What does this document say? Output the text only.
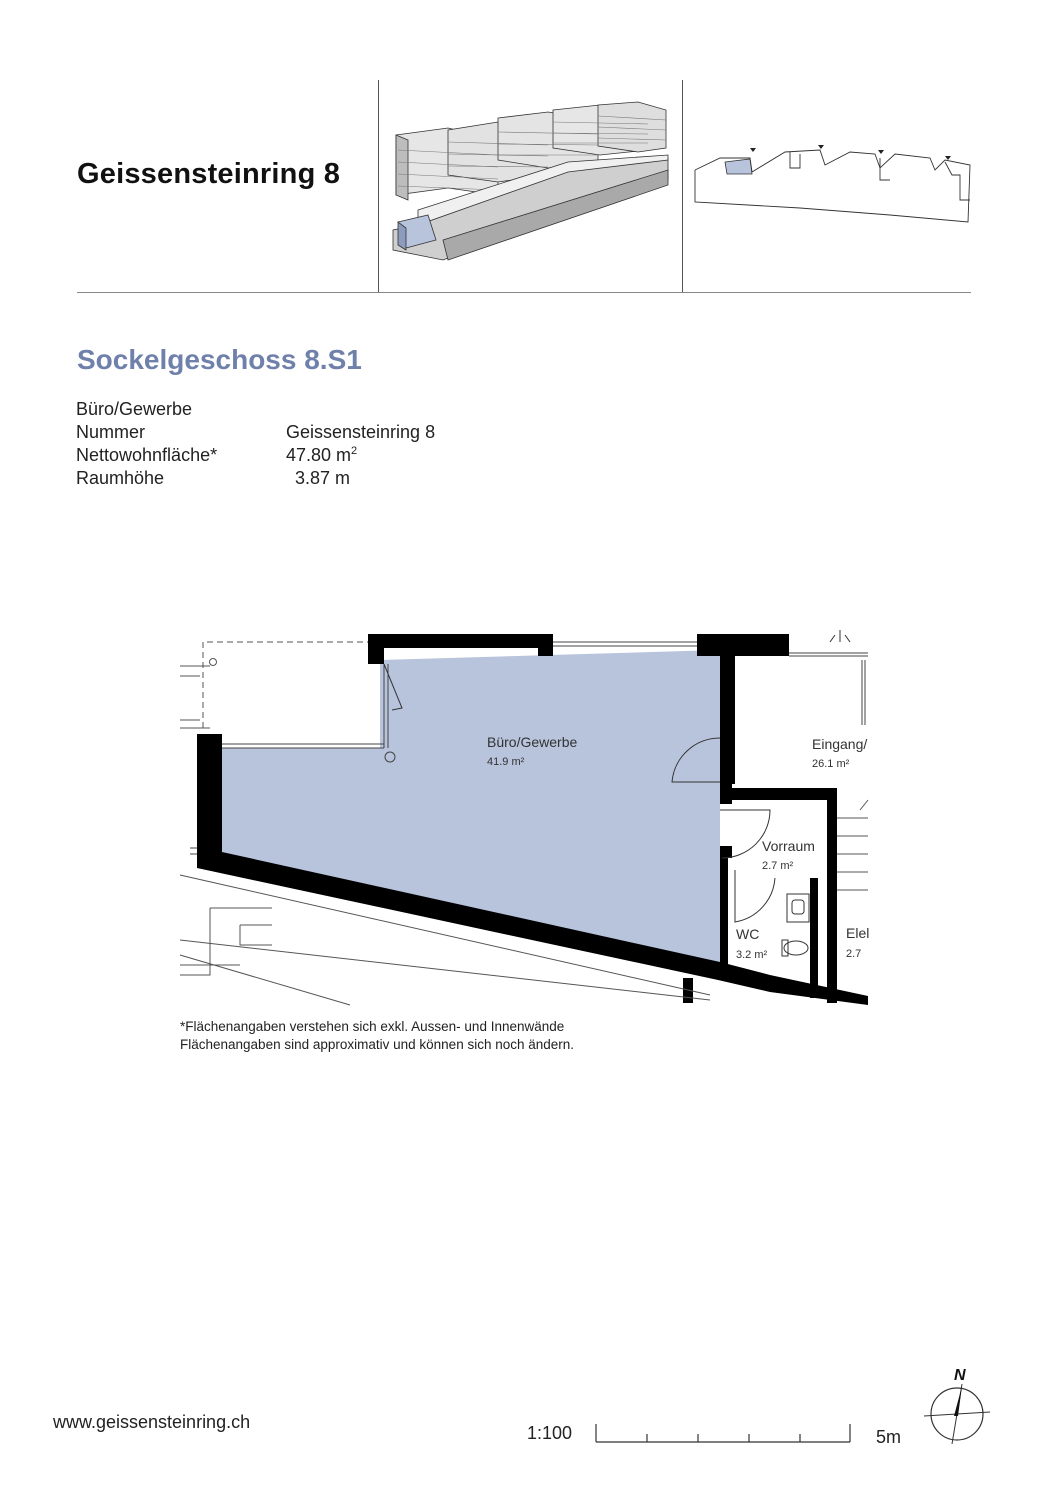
Geissensteinring 8
Sockelgeschoss 8.S1
Büro/Gewerbe
Nummer	Geissensteinring 8
Nettowohnfläche*	47.80 $m^2$
Raumhöhe	3.87 m
Büro/Gewerbe
41.9 m²
Eingang/
26.1 m²
Vorraum
2.7 m²
WC
3.2 m²
Elel
2.7
*Flächenangaben verstehen sich exkl. Aussen- und Innenwände
Flächenangaben sind approximativ und können sich noch ändern.
www.geissensteinring.ch
1:100	5m
N
